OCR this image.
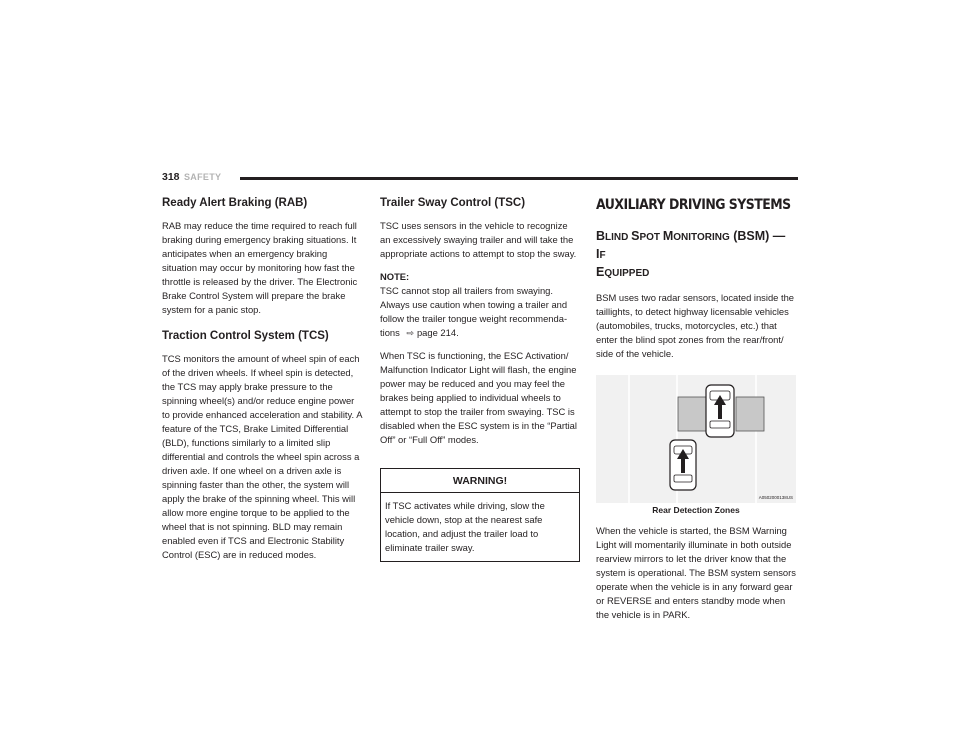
318 SAFETY
Ready Alert Braking (RAB)

RAB may reduce the time required to reach full braking during emergency braking situations. It anticipates when an emergency braking situation may occur by monitoring how fast the throttle is released by the driver. The Electronic Brake Control System will prepare the brake system for a panic stop.

Traction Control System (TCS)

TCS monitors the amount of wheel spin of each of the driven wheels. If wheel spin is detected, the TCS may apply brake pressure to the spinning wheel(s) and/or reduce engine power to provide enhanced acceleration and stability. A feature of the TCS, Brake Limited Differential (BLD), functions similarly to a limited slip differential and controls the wheel spin across a driven axle. If one wheel on a driven axle is spinning faster than the other, the system will apply the brake of the spinning wheel. This will allow more engine torque to be applied to the wheel that is not spinning. BLD may remain enabled even if TCS and Electronic Stability Control (ESC) are in reduced modes.

Trailer Sway Control (TSC)

TSC uses sensors in the vehicle to recognize an excessively swaying trailer and will take the appropriate actions to attempt to stop the sway.

NOTE:

TSC cannot stop all trailers from swaying. Always use caution when towing a trailer and follow the trailer tongue weight recommendations ⇨ page 214.

When TSC is functioning, the ESC Activation/ Malfunction Indicator Light will flash, the engine power may be reduced and you may feel the brakes being applied to individual wheels to attempt to stop the trailer from swaying. TSC is disabled when the ESC system is in the “Partial Off” or “Full Off” modes.

WARNING!
If TSC activates while driving, slow the vehicle down, stop at the nearest safe location, and adjust the trailer load to eliminate trailer sway.
AUXILIARY DRIVING SYSTEMS
BLIND SPOT MONITORING (BSM) — IF
EQUIPPED

BSM uses two radar sensors, located inside the taillights, to detect highway licensable vehicles (automobiles, trucks, motorcycles, etc.) that enter the blind spot zones from the rear/front/ side of the vehicle.

A0502000138US
Rear Detection Zones

When the vehicle is started, the BSM Warning Light will momentarily illuminate in both outside rearview mirrors to let the driver know that the system is operational. The BSM system sensors operate when the vehicle is in any forward gear or REVERSE and enters standby mode when the vehicle is in PARK.
